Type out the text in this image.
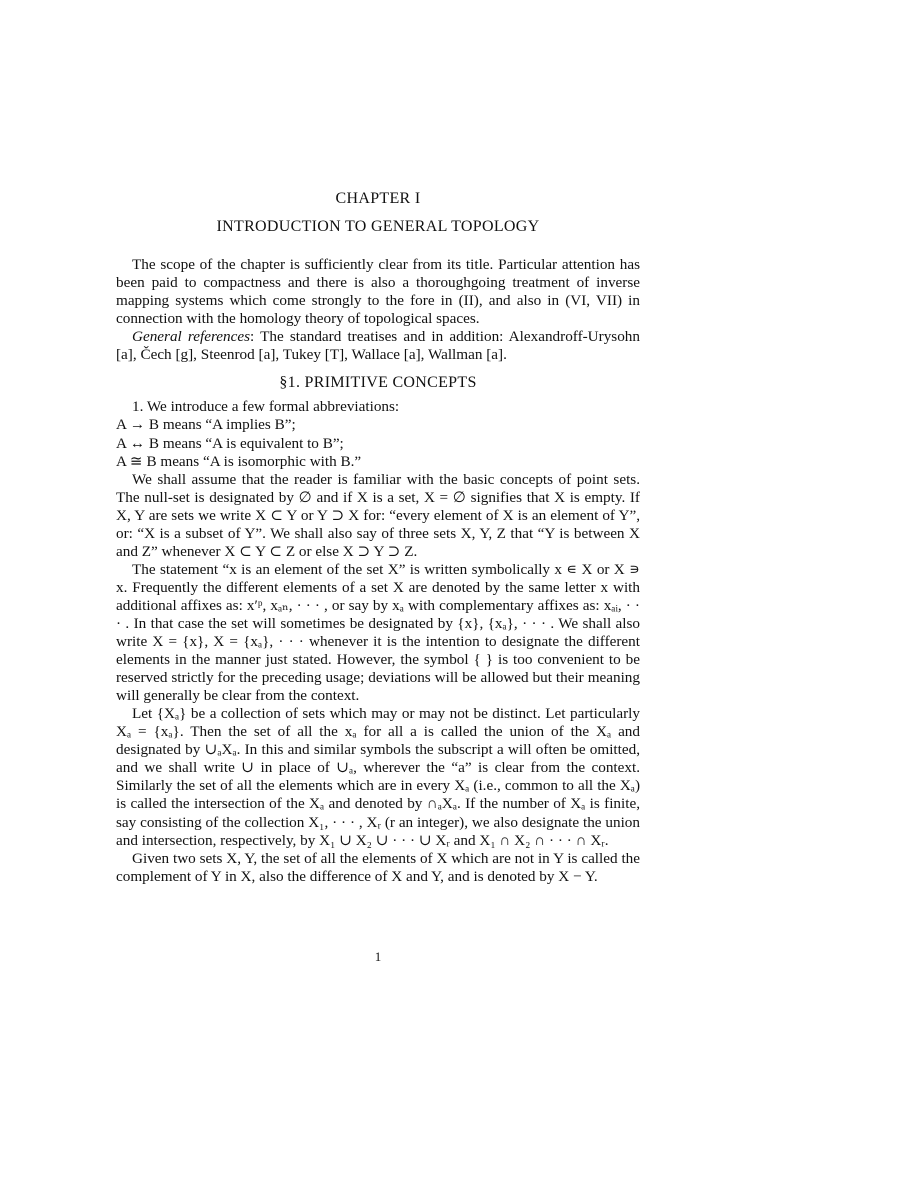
CHAPTER I
INTRODUCTION TO GENERAL TOPOLOGY

The scope of the chapter is sufficiently clear from its title. Particular attention has been paid to compactness and there is also a thoroughgoing treatment of inverse mapping systems which come strongly to the fore in (II), and also in (VI, VII) in connection with the homology theory of topological spaces.

General references: The standard treatises and in addition: Alexandroff-Urysohn [a], Čech [g], Steenrod [a], Tukey [T], Wallace [a], Wallman [a].

§1. PRIMITIVE CONCEPTS

1. We introduce a few formal abbreviations:

A → B means “A implies B”;
A ↔ B means “A is equivalent to B”;
A ≅ B means “A is isomorphic with B.”

We shall assume that the reader is familiar with the basic concepts of point sets. The null-set is designated by ∅ and if X is a set, X = ∅ signifies that X is empty. If X, Y are sets we write X ⊂ Y or Y ⊃ X for: “every element of X is an element of Y”, or: “X is a subset of Y”. We shall also say of three sets X, Y, Z that “Y is between X and Z” whenever X ⊂ Y ⊂ Z or else X ⊃ Y ⊃ Z.

The statement “x is an element of the set X” is written symbolically x ∊ X or X ∍ x. Frequently the different elements of a set X are denoted by the same letter x with additional affixes as: x′ᵖ, xₐₙ, · · · , or say by xₐ with complementary affixes as: xₐᵢ, · · · . In that case the set will sometimes be designated by {x}, {xₐ}, · · · . We shall also write X = {x}, X = {xₐ}, · · · whenever it is the intention to designate the different elements in the manner just stated. However, the symbol { } is too convenient to be reserved strictly for the preceding usage; deviations will be allowed but their meaning will generally be clear from the context.

Let {Xₐ} be a collection of sets which may or may not be distinct. Let particularly Xₐ = {xₐ}. Then the set of all the xₐ for all a is called the union of the Xₐ and designated by ∪ₐXₐ. In this and similar symbols the subscript a will often be omitted, and we shall write ∪ in place of ∪ₐ, wherever the “a” is clear from the context. Similarly the set of all the elements which are in every Xₐ (i.e., common to all the Xₐ) is called the intersection of the Xₐ and denoted by ∩ₐXₐ. If the number of Xₐ is finite, say consisting of the collection X₁, · · · , Xᵣ (r an integer), we also designate the union and intersection, respectively, by X₁ ∪ X₂ ∪ · · · ∪ Xᵣ and X₁ ∩ X₂ ∩ · · · ∩ Xᵣ.

Given two sets X, Y, the set of all the elements of X which are not in Y is called the complement of Y in X, also the difference of X and Y, and is denoted by X − Y.

1
